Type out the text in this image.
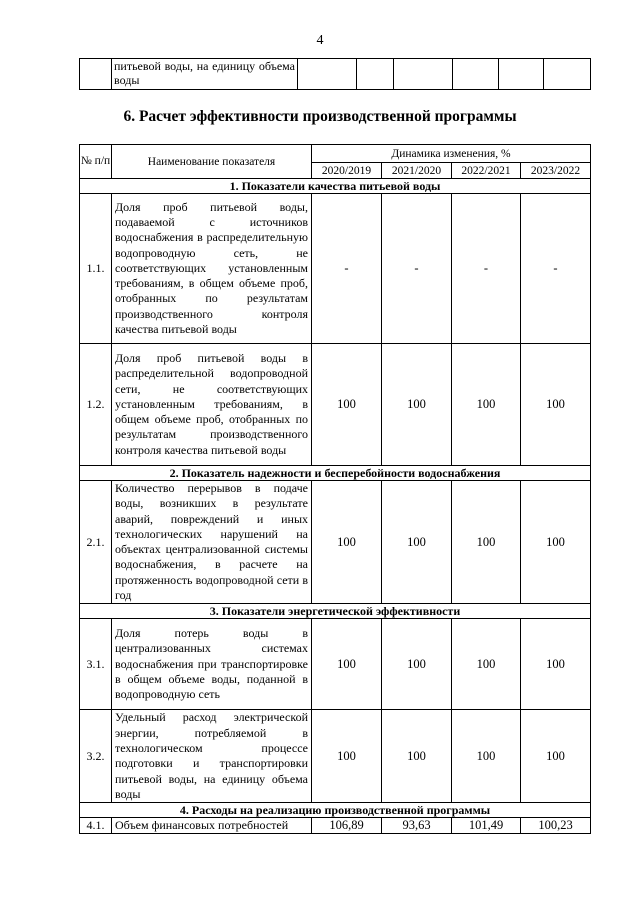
4
	питьевой воды, на единицу объема воды						
6. Расчет эффективности производственной программы
№ п/п	Наименование показателя	Динамика изменения, %			
		2020/2019	2021/2020	2022/2021	2023/2022
1. Показатели качества питьевой воды					
1.1.	Доля проб питьевой воды, подаваемой с источников водоснабжения в распределительную водопроводную сеть, не соответствующих установленным требованиям, в общем объеме проб, отобранных по результатам производственного контроля качества питьевой воды	-	-	-	-
1.2.	Доля проб питьевой воды в распределительной водопроводной сети, не соответствующих установленным требованиям, в общем объеме проб, отобранных по результатам производственного контроля качества питьевой воды	100	100	100	100
2. Показатель надежности и бесперебойности водоснабжения					
2.1.	Количество перерывов в подаче воды, возникших в результате аварий, повреждений и иных технологических нарушений на объектах централизованной системы водоснабжения, в расчете на протяженность водопроводной сети в год	100	100	100	100
3. Показатели энергетической эффективности					
3.1.	Доля потерь воды в централизованных системах водоснабжения при транспортировке в общем объеме воды, поданной в водопроводную сеть	100	100	100	100
3.2.	Удельный расход электрической энергии, потребляемой в технологическом процессе подготовки и транспортировки питьевой воды, на единицу объема воды	100	100	100	100
4. Расходы на реализацию производственной программы					
4.1.	Объем финансовых потребностей	106,89	93,63	101,49	100,23
